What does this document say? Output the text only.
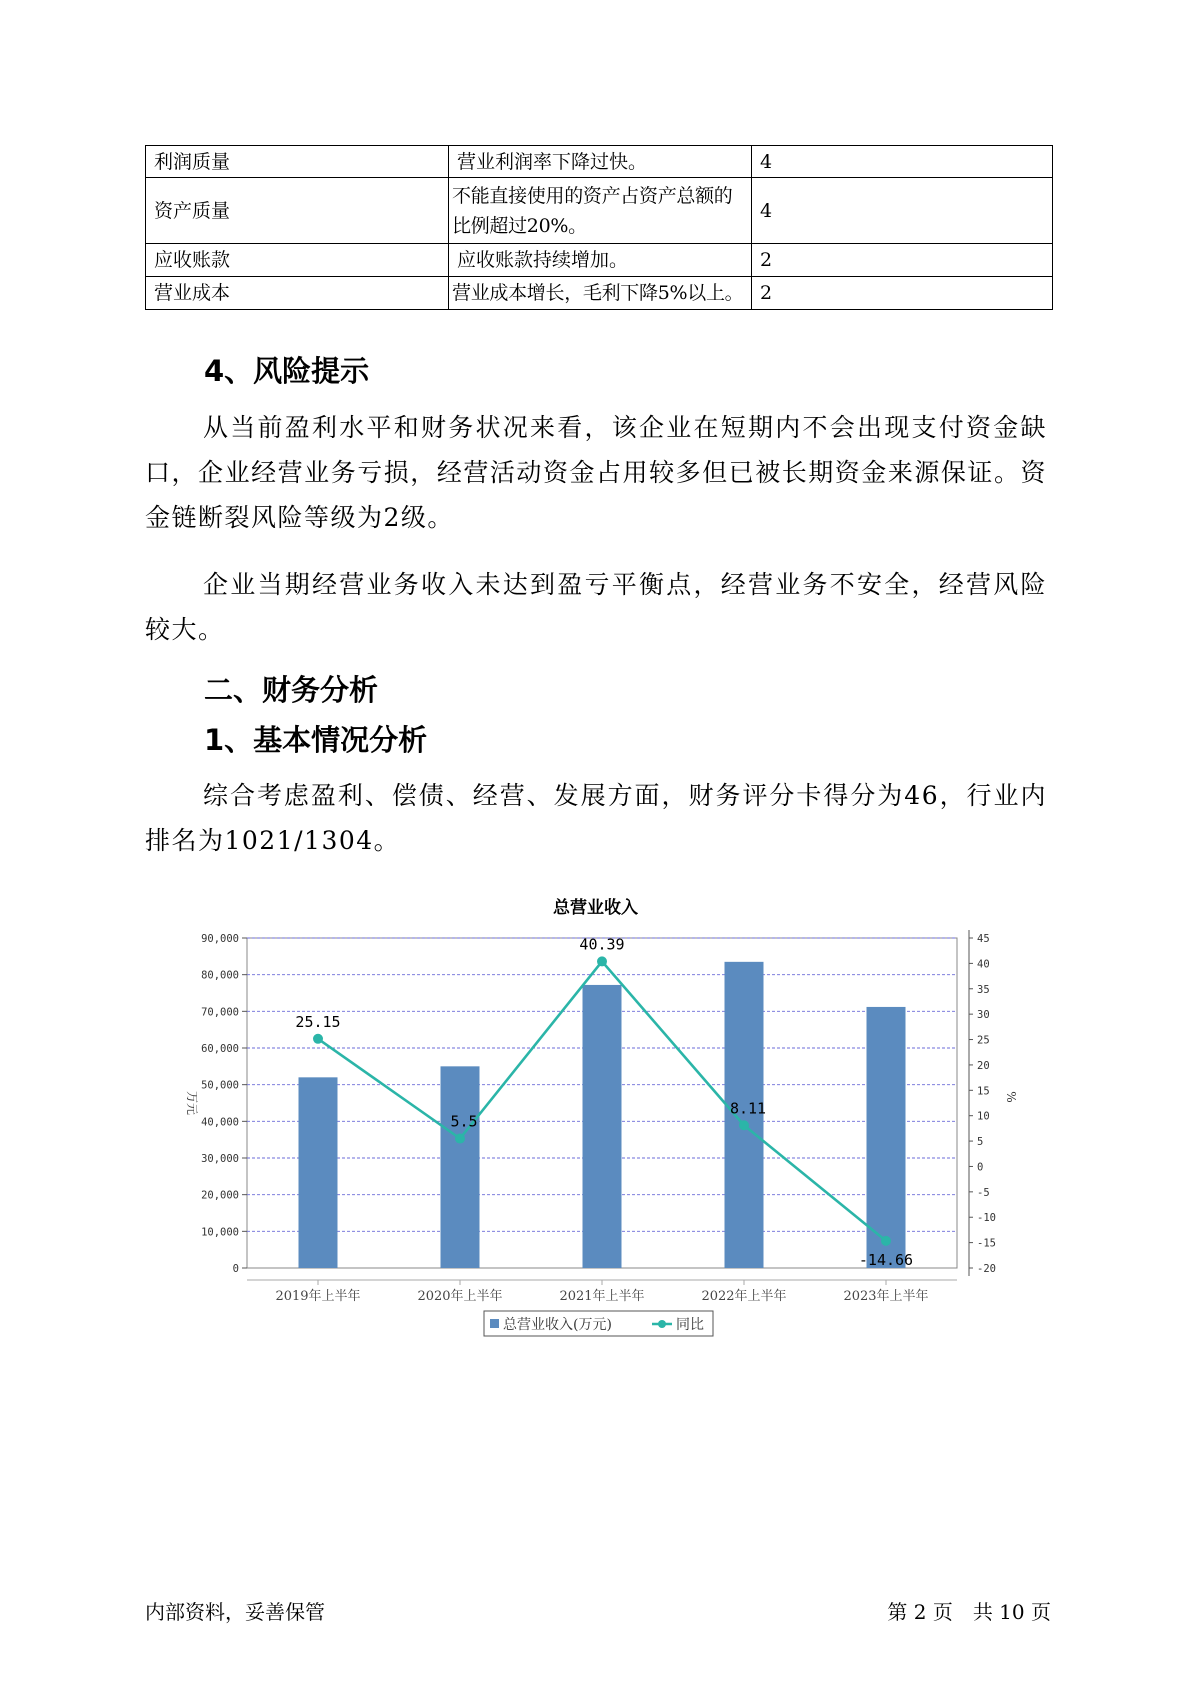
利润质量	营业利润率下降过快。	4
资产质量	不能直接使用的资产占资产总额的比例超过20%。	4
应收账款	应收账款持续增加。	2
营业成本	营业成本增长，毛利下降5%以上。	2
4、风险提示

从当前盈利水平和财务状况来看，该企业在短期内不会出现支付资金缺口，企业经营业务亏损，经营活动资金占用较多但已被长期资金来源保证。资金链断裂风险等级为2级。

企业当期经营业务收入未达到盈亏平衡点，经营业务不安全，经营风险较大。

二、财务分析
1、基本情况分析

综合考虑盈利、偿债、经营、发展方面，财务评分卡得分为46，行业内排名为1021/1304。

总营业收入
0
10,000
20,000
30,000
40,000
50,000
60,000
70,000
80,000
90,000
-20
-15
-10
-5
0
5
10
15
20
25
30
35
40
45
万元	%
2019年上半年	2020年上半年	2021年上半年	2022年上半年	2023年上半年
25.15
5.5
40.39
8.11
-14.66
总营业收入(万元)	同比
内部资料，妥善保管	第 2 页　共 10 页
